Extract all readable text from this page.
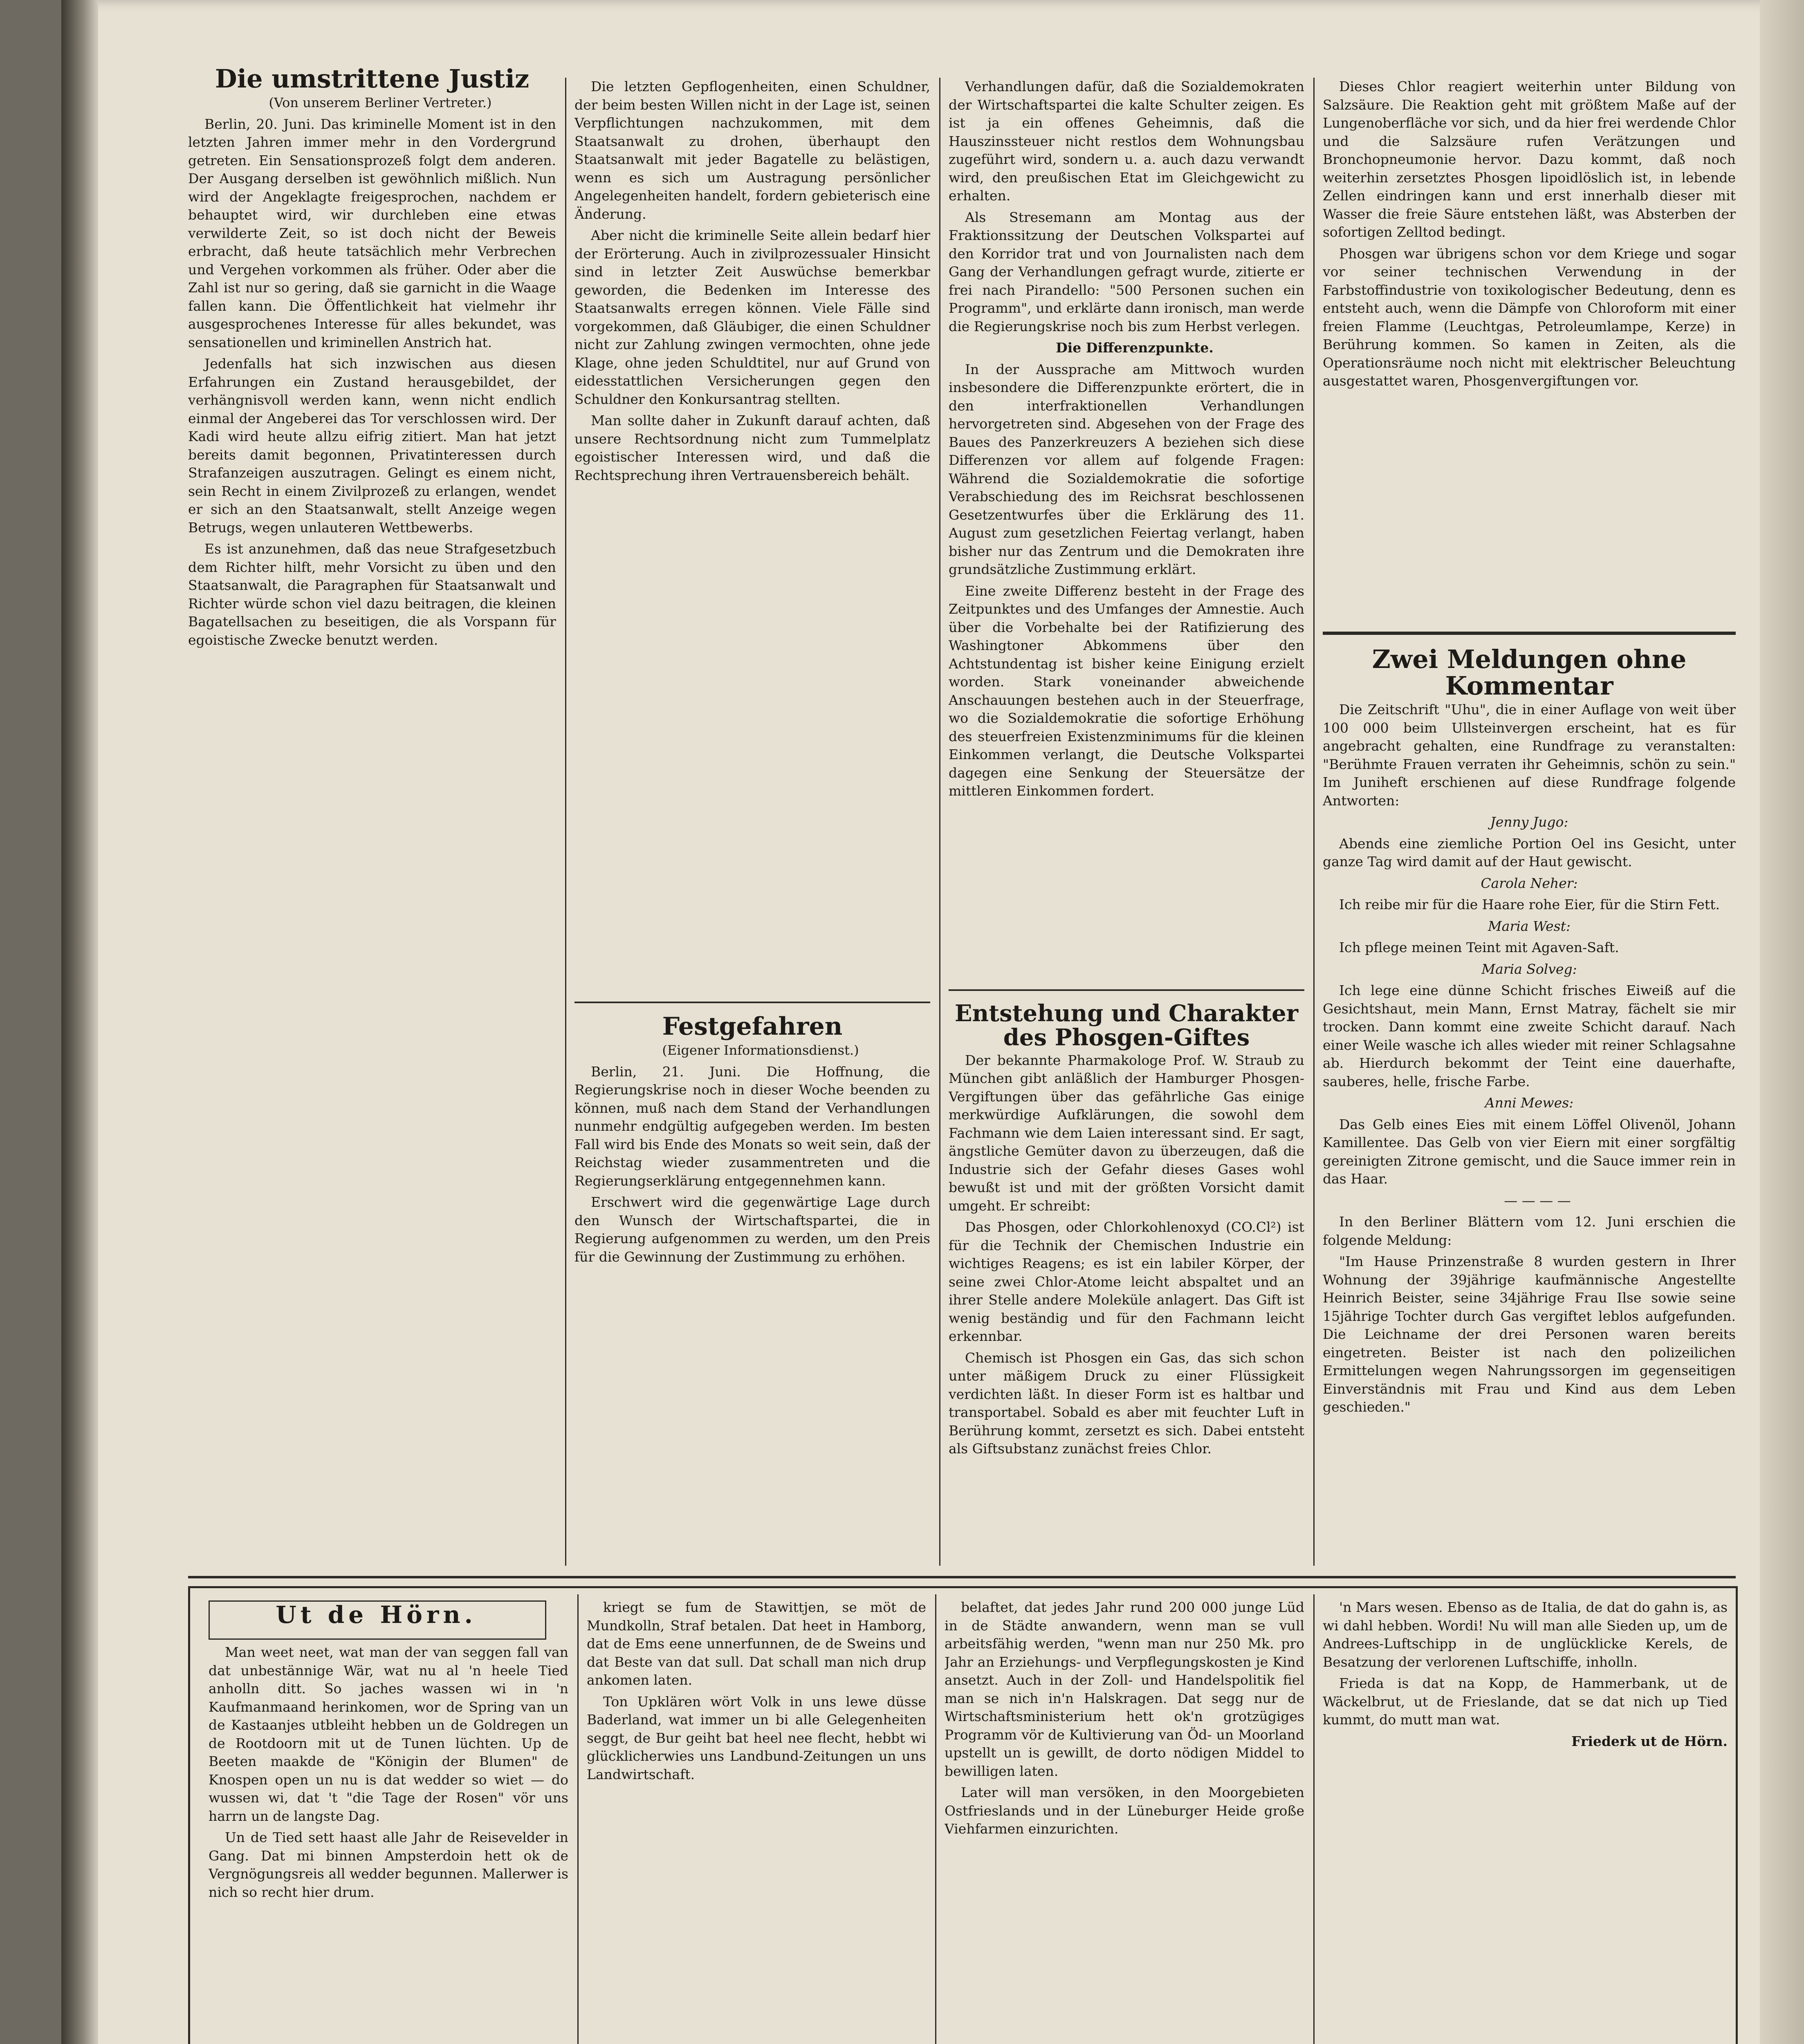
Die umstrittene Justiz

(Von unserem Berliner Vertreter.)

Berlin, 20. Juni. Das kriminelle Moment ist in den letzten Jahren immer mehr in den Vordergrund getreten. Ein Sensationsprozeß folgt dem anderen. Der Ausgang derselben ist gewöhnlich mißlich. Nun wird der Angeklagte freigesprochen, nachdem er behauptet wird, wir durchleben eine etwas verwilderte Zeit, so ist doch nicht der Beweis erbracht, daß heute tatsächlich mehr Verbrechen und Vergehen vorkommen als früher. Oder aber die Zahl ist nur so gering, daß sie garnicht in die Waage fallen kann. Die Öffentlichkeit hat vielmehr ihr ausgesprochenes Interesse für alles bekundet, was sensationellen und kriminellen Anstrich hat.

Jedenfalls hat sich inzwischen aus diesen Erfahrungen ein Zustand herausgebildet, der verhängnisvoll werden kann, wenn nicht endlich einmal der Angeberei das Tor verschlossen wird. Der Kadi wird heute allzu eifrig zitiert. Man hat jetzt bereits damit begonnen, Privatinteressen durch Strafanzeigen auszutragen. Gelingt es einem nicht, sein Recht in einem Zivilprozeß zu erlangen, wendet er sich an den Staatsanwalt, stellt Anzeige wegen Betrugs, wegen unlauteren Wettbewerbs.

Es ist anzunehmen, daß das neue Strafgesetzbuch dem Richter hilft, mehr Vorsicht zu üben und den Staatsanwalt, die Paragraphen für Staatsanwalt und Richter würde schon viel dazu beitragen, die kleinen Bagatellsachen zu beseitigen, die als Vorspann für egoistische Zwecke benutzt werden.

Die letzten Gepflogenheiten, einen Schuldner, der beim besten Willen nicht in der Lage ist, seinen Verpflichtungen nachzukommen, mit dem Staatsanwalt zu drohen, überhaupt den Staatsanwalt mit jeder Bagatelle zu belästigen, wenn es sich um Austragung persönlicher Angelegenheiten handelt, fordern gebieterisch eine Änderung.

Aber nicht die kriminelle Seite allein bedarf hier der Erörterung. Auch in zivilprozessualer Hinsicht sind in letzter Zeit Auswüchse bemerkbar geworden, die Bedenken im Interesse des Staatsanwalts erregen können. Viele Fälle sind vorgekommen, daß Gläubiger, die einen Schuldner nicht zur Zahlung zwingen vermochten, ohne jede Klage, ohne jeden Schuldtitel, nur auf Grund von eidesstattlichen Versicherungen gegen den Schuldner den Konkursantrag stellten.

Man sollte daher in Zukunft darauf achten, daß unsere Rechtsordnung nicht zum Tummelplatz egoistischer Interessen wird, und daß die Rechtsprechung ihren Vertrauensbereich behält.

Festgefahren

(Eigener Informationsdienst.)

Berlin, 21. Juni. Die Hoffnung, die Regierungskrise noch in dieser Woche beenden zu können, muß nach dem Stand der Verhandlungen nunmehr endgültig aufgegeben werden. Im besten Fall wird bis Ende des Monats so weit sein, daß der Reichstag wieder zusammentreten und die Regierungserklärung entgegennehmen kann.

Erschwert wird die gegenwärtige Lage durch den Wunsch der Wirtschaftspartei, die in Regierung aufgenommen zu werden, um den Preis für die Gewinnung der Zustimmung zu erhöhen.

Verhandlungen dafür, daß die Sozialdemokraten der Wirtschaftspartei die kalte Schulter zeigen. Es ist ja ein offenes Geheimnis, daß die Hauszinssteuer nicht restlos dem Wohnungsbau zugeführt wird, sondern u. a. auch dazu verwandt wird, den preußischen Etat im Gleichgewicht zu erhalten.

Als Stresemann am Montag aus der Fraktionssitzung der Deutschen Volkspartei auf den Korridor trat und von Journalisten nach dem Gang der Verhandlungen gefragt wurde, zitierte er frei nach Pirandello: "500 Personen suchen ein Programm", und erklärte dann ironisch, man werde die Regierungskrise noch bis zum Herbst verlegen.

Die Differenzpunkte.

In der Aussprache am Mittwoch wurden insbesondere die Differenzpunkte erörtert, die in den interfraktionellen Verhandlungen hervorgetreten sind. Abgesehen von der Frage des Baues des Panzerkreuzers A beziehen sich diese Differenzen vor allem auf folgende Fragen: Während die Sozialdemokratie die sofortige Verabschiedung des im Reichsrat beschlossenen Gesetzentwurfes über die Erklärung des 11. August zum gesetzlichen Feiertag verlangt, haben bisher nur das Zentrum und die Demokraten ihre grundsätzliche Zustimmung erklärt.

Eine zweite Differenz besteht in der Frage des Zeitpunktes und des Umfanges der Amnestie. Auch über die Vorbehalte bei der Ratifizierung des Washingtoner Abkommens über den Achtstundentag ist bisher keine Einigung erzielt worden. Stark voneinander abweichende Anschauungen bestehen auch in der Steuerfrage, wo die Sozialdemokratie die sofortige Erhöhung des steuerfreien Existenzminimums für die kleinen Einkommen verlangt, die Deutsche Volkspartei dagegen eine Senkung der Steuersätze der mittleren Einkommen fordert.

Entstehung und Charakter des Phosgen-Giftes

Der bekannte Pharmakologe Prof. W. Straub zu München gibt anläßlich der Hamburger Phosgen-Vergiftungen über das gefährliche Gas einige merkwürdige Aufklärungen, die sowohl dem Fachmann wie dem Laien interessant sind. Er sagt, ängstliche Gemüter davon zu überzeugen, daß die Industrie sich der Gefahr dieses Gases wohl bewußt ist und mit der größten Vorsicht damit umgeht. Er schreibt:

Das Phosgen, oder Chlorkohlenoxyd (CO.Cl²) ist für die Technik der Chemischen Industrie ein wichtiges Reagens; es ist ein labiler Körper, der seine zwei Chlor-Atome leicht abspaltet und an ihrer Stelle andere Moleküle anlagert. Das Gift ist wenig beständig und für den Fachmann leicht erkennbar.

Chemisch ist Phosgen ein Gas, das sich schon unter mäßigem Druck zu einer Flüssigkeit verdichten läßt. In dieser Form ist es haltbar und transportabel. Sobald es aber mit feuchter Luft in Berührung kommt, zersetzt es sich. Dabei entsteht als Giftsubstanz zunächst freies Chlor.

Dieses Chlor reagiert weiterhin unter Bildung von Salzsäure. Die Reaktion geht mit größtem Maße auf der Lungenoberfläche vor sich, und da hier frei werdende Chlor und die Salzsäure rufen Verätzungen und Bronchopneumonie hervor. Dazu kommt, daß noch weiterhin zersetztes Phosgen lipoidlöslich ist, in lebende Zellen eindringen kann und erst innerhalb dieser mit Wasser die freie Säure entstehen läßt, was Absterben der sofortigen Zelltod bedingt.

Phosgen war übrigens schon vor dem Kriege und sogar vor seiner technischen Verwendung in der Farbstoffindustrie von toxikologischer Bedeutung, denn es entsteht auch, wenn die Dämpfe von Chloroform mit einer freien Flamme (Leuchtgas, Petroleumlampe, Kerze) in Berührung kommen. So kamen in Zeiten, als die Operationsräume noch nicht mit elektrischer Beleuchtung ausgestattet waren, Phosgenvergiftungen vor.

Zwei Meldungen ohne Kommentar

Die Zeitschrift "Uhu", die in einer Auflage von weit über 100 000 beim Ullsteinvergen erscheint, hat es für angebracht gehalten, eine Rundfrage zu veranstalten: "Berühmte Frauen verraten ihr Geheimnis, schön zu sein." Im Juniheft erschienen auf diese Rundfrage folgende Antworten:

Jenny Jugo:

Abends eine ziemliche Portion Oel ins Gesicht, unter ganze Tag wird damit auf der Haut gewischt.

Carola Neher:

Ich reibe mir für die Haare rohe Eier, für die Stirn Fett.

Maria West:

Ich pflege meinen Teint mit Agaven-Saft.

Maria Solveg:

Ich lege eine dünne Schicht frisches Eiweiß auf die Gesichtshaut, mein Mann, Ernst Matray, fächelt sie mir trocken. Dann kommt eine zweite Schicht darauf. Nach einer Weile wasche ich alles wieder mit reiner Schlagsahne ab. Hierdurch bekommt der Teint eine dauerhafte, sauberes, helle, frische Farbe.

Anni Mewes:

Das Gelb eines Eies mit einem Löffel Olivenöl, Johann Kamillentee. Das Gelb von vier Eiern mit einer sorgfältig gereinigten Zitrone gemischt, und die Sauce immer rein in das Haar.

— — — —

In den Berliner Blättern vom 12. Juni erschien die folgende Meldung:

"Im Hause Prinzenstraße 8 wurden gestern in Ihrer Wohnung der 39jährige kaufmännische Angestellte Heinrich Beister, seine 34jährige Frau Ilse sowie seine 15jährige Tochter durch Gas vergiftet leblos aufgefunden. Die Leichname der drei Personen waren bereits eingetreten. Beister ist nach den polizeilichen Ermittelungen wegen Nahrungssorgen im gegenseitigen Einverständnis mit Frau und Kind aus dem Leben geschieden."

Ut de Hörn.

Man weet neet, wat man der van seggen fall van dat unbestännige Wär, wat nu al 'n heele Tied anholln ditt. So jaches wassen wi in 'n Kaufmanmaand herinkomen, wor de Spring van un de Kastaanjes utbleiht hebben un de Goldregen un de Rootdoorn mit ut de Tunen lüchten. Up de Beeten maakde de "Königin der Blumen" de Knospen open un nu is dat wedder so wiet — do wussen wi, dat 't "die Tage der Rosen" vör uns harrn un de langste Dag.

Un de Tied sett haast alle Jahr de Reisevelder in Gang. Dat mi binnen Ampsterdoin hett ok de Vergnögungsreis all wedder begunnen. Mallerwer is nich so recht hier drum.

kriegt se fum de Stawittjen, se möt de Mundkolln, Straf betalen. Dat heet in Hamborg, dat de Ems eene unnerfunnen, de de Sweins und dat Beste van dat sull. Dat schall man nich drup ankomen laten.

Ton Upklären wört Volk in uns lewe düsse Baderland, wat immer un bi alle Gelegenheiten seggt, de Bur geiht bat heel nee flecht, hebbt wi glücklicherwies uns Landbund-Zeitungen un uns Landwirtschaft.

belaftet, dat jedes Jahr rund 200 000 junge Lüd in de Städte anwandern, wenn man se vull arbeitsfähig werden, "wenn man nur 250 Mk. pro Jahr an Erziehungs- und Verpflegungskosten je Kind ansetzt. Auch in der Zoll- und Handelspolitik fiel man se nich in'n Halskragen. Dat segg nur de Wirtschaftsministerium hett ok'n grotzügiges Programm vör de Kultivierung van Öd- un Moorland upstellt un is gewillt, de dorto nödigen Middel to bewilligen laten.

Later will man versöken, in den Moorgebieten Ostfrieslands und in der Lüneburger Heide große Viehfarmen einzurichten.

'n Mars wesen. Ebenso as de Italia, de dat do gahn is, as wi dahl hebben. Wordi! Nu will man alle Sieden up, um de Andrees-Luftschipp in de unglücklicke Kerels, de Besatzung der verlorenen Luftschiffe, inholln.

Frieda is dat na Kopp, de Hammerbank, ut de Wäckelbrut, ut de Frieslande, dat se dat nich up Tied kummt, do mutt man wat.

Friederk ut de Hörn.
